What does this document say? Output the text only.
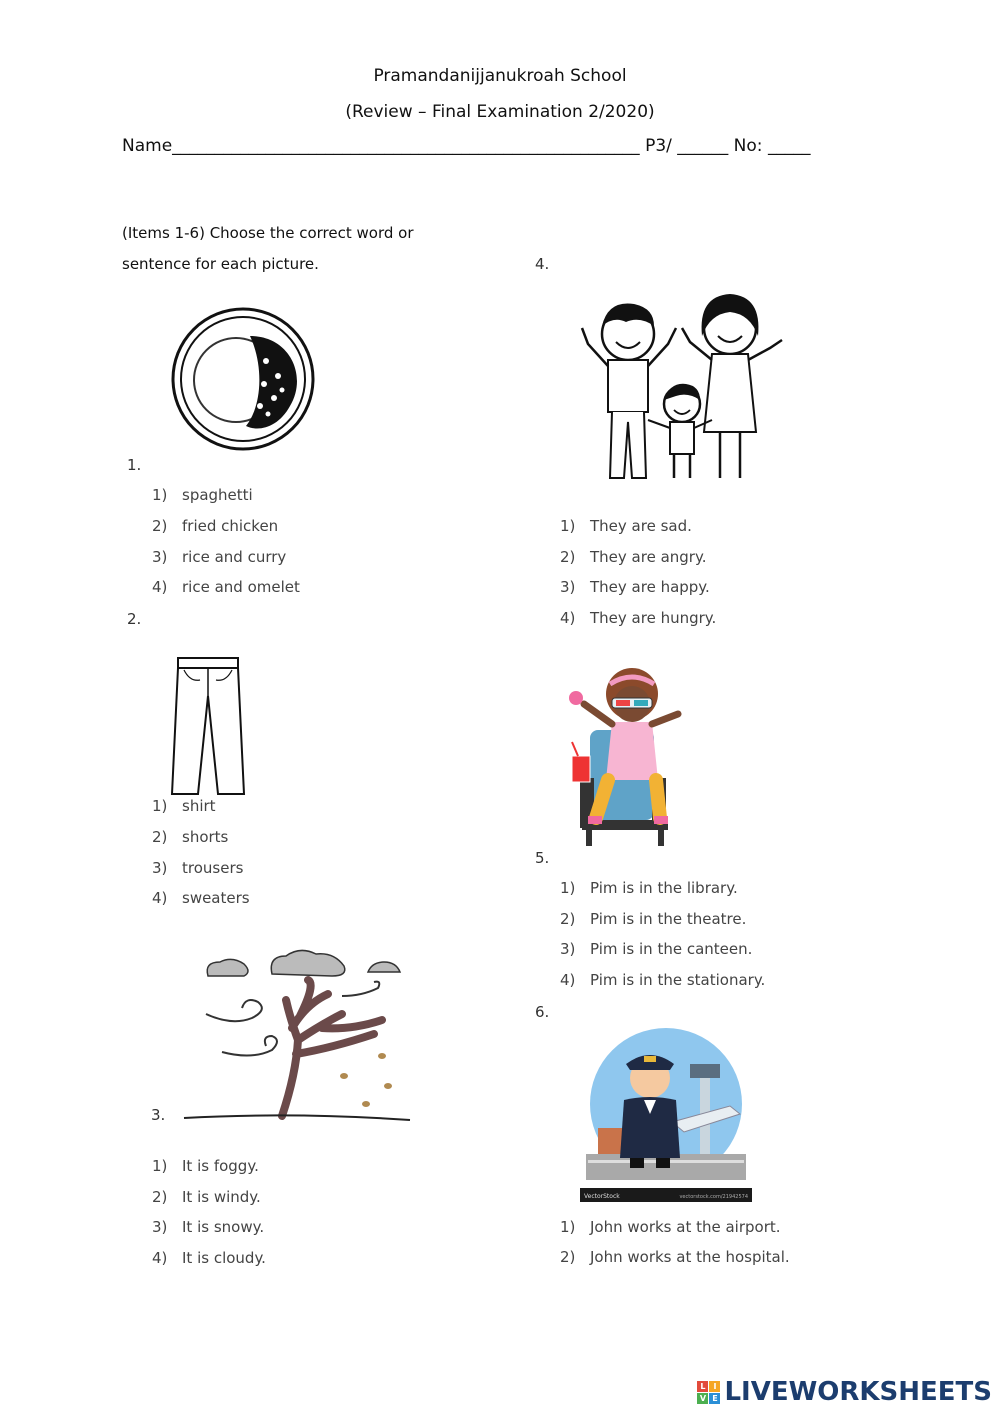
Pramandanijjanukroah School
(Review – Final Examination 2/2020)
Name_______________________________________________________ P3/ ______ No: _____
(Items 1-6) Choose the correct word or
sentence for each picture.
1.
1) spaghetti
2) fried chicken
3) rice and curry
4) rice and omelet
2.
1) shirt
2) shorts
3) trousers
4) sweaters
3.
1) It is foggy.
2) It is windy.
3) It is snowy.
4) It is cloudy.
4.
1) They are sad.
2) They are angry.
3) They are happy.
4) They are hungry.
5.
1) Pim is in the library.
2) Pim is in the theatre.
3) Pim is in the canteen.
4) Pim is in the stationary.
6.
VectorStock	vectorstock.com/21942574
1) John works at the airport.
2) John works at the hospital.
L I
V E LIVEWORKSHEETS
